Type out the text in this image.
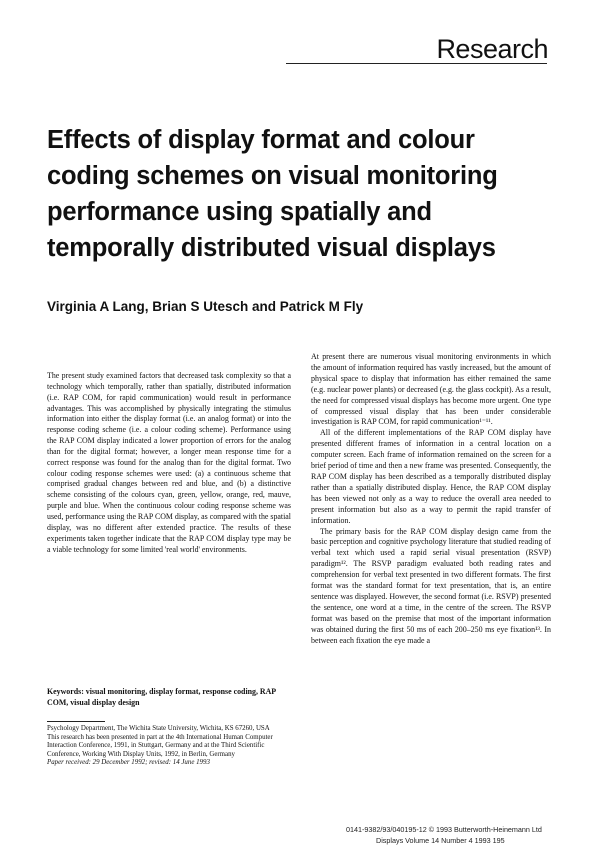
Research
Effects of display format and colour
coding schemes on visual monitoring
performance using spatially and
temporally distributed visual displays
Virginia A Lang, Brian S Utesch and Patrick M Fly

The present study examined factors that decreased task complexity so that a technology which temporally, rather than spatially, distributed information (i.e. RAP COM, for rapid communication) would result in performance advantages. This was accomplished by physically integrating the stimulus information into either the display format (i.e. an analog format) or into the response coding scheme (i.e. a colour coding scheme). Performance using the RAP COM display indicated a lower proportion of errors for the analog than for the digital format; however, a longer mean response time for a correct response was found for the analog than for the digital format. Two colour coding response schemes were used: (a) a continuous scheme that comprised gradual changes between red and blue, and (b) a distinctive scheme consisting of the colours cyan, green, yellow, orange, red, mauve, purple and blue. When the continuous colour coding response scheme was used, performance using the RAP COM display, as compared with the spatial display, was no different after extended practice. The results of these experiments taken together indicate that the RAP COM display type may be a viable technology for some limited 'real world' environments.

Keywords: visual monitoring, display format, response coding, RAP COM, visual display design

Psychology Department, The Wichita State University, Wichita, KS 67260, USA

This research has been presented in part at the 4th International Human Computer Interaction Conference, 1991, in Stuttgart, Germany and at the Third Scientific Conference, Working With Display Units, 1992, in Berlin, Germany

Paper received: 29 December 1992; revised: 14 June 1993

At present there are numerous visual monitoring environments in which the amount of information required has vastly increased, but the amount of physical space to display that information has either remained the same (e.g. nuclear power plants) or decreased (e.g. the glass cockpit). As a result, the need for compressed visual displays has become more urgent. One type of compressed visual display that has been under considerable investigation is RAP COM, for rapid communication¹⁻¹¹.

All of the different implementations of the RAP COM display have presented different frames of information in a central location on a computer screen. Each frame of information remained on the screen for a brief period of time and then a new frame was presented. Consequently, the RAP COM display has been described as a temporally distributed display rather than a spatially distributed display. Hence, the RAP COM display has been viewed not only as a way to reduce the overall area needed to present information but also as a way to permit the rapid transfer of information.

The primary basis for the RAP COM display design came from the basic perception and cognitive psychology literature that studied reading of verbal text which used a rapid serial visual presentation (RSVP) paradigm¹². The RSVP paradigm evaluated both reading rates and comprehension for verbal text presented in two different formats. The first format was the standard format for text presentation, that is, an entire sentence was displayed. However, the second format (i.e. RSVP) presented the sentence, one word at a time, in the centre of the screen. The RSVP format was based on the premise that most of the important information was obtained during the first 50 ms of each 200–250 ms eye fixation¹³. In between each fixation the eye made a

0141-9382/93/040195-12 © 1993 Butterworth-Heinemann Ltd
Displays Volume 14 Number 4 1993 195
